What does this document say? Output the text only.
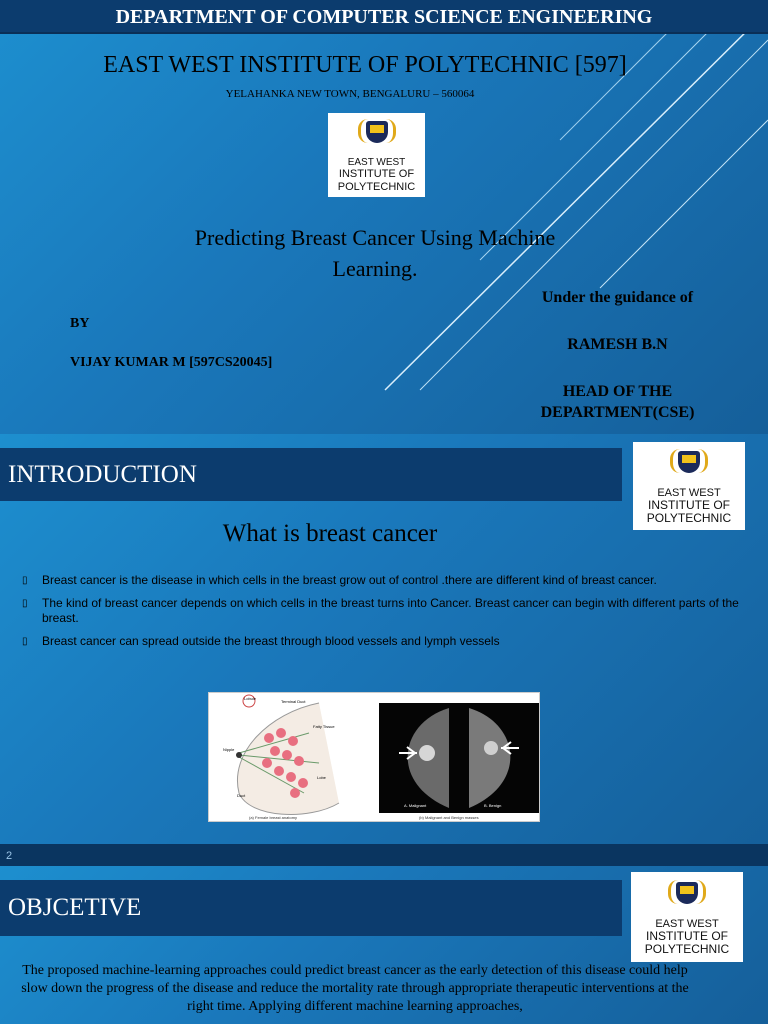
DEPARTMENT OF COMPUTER SCIENCE ENGINEERING
EAST WEST INSTITUTE OF POLYTECHNIC [597]
YELAHANKA NEW TOWN, BENGALURU – 560064
EAST WEST
INSTITUTE OF
POLYTECHNIC
Predicting Breast Cancer Using Machine
Learning.
Under the guidance of
RAMESH B.N
HEAD OF THE
DEPARTMENT(CSE)
BY
VIJAY KUMAR M [597CS20045]
INTRODUCTION
EAST WEST
INSTITUTE OF
POLYTECHNIC
What is breast cancer
▯ Breast cancer is the disease in which cells in the breast grow out of control .there are different kind of breast cancer.
▯ The kind of breast cancer depends on which cells in the breast turns into Cancer. Breast cancer can begin with different parts of the breast.
▯ Breast cancer can spread outside the breast through blood vessels and lymph vessels
Lobule
Terminal Duct
Fatty Tissue
Lobe
Duct
Nipple
(a) Female breast anatomy
A. Malignant	B. Benign
(b) Malignant and Benign masses
2
OBJCETIVE
EAST WEST
INSTITUTE OF
POLYTECHNIC
The proposed machine-learning approaches could predict breast cancer as the early detection of this disease could help slow down the progress of the disease and reduce the mortality rate through appropriate therapeutic interventions at the right time. Applying different machine learning approaches,
